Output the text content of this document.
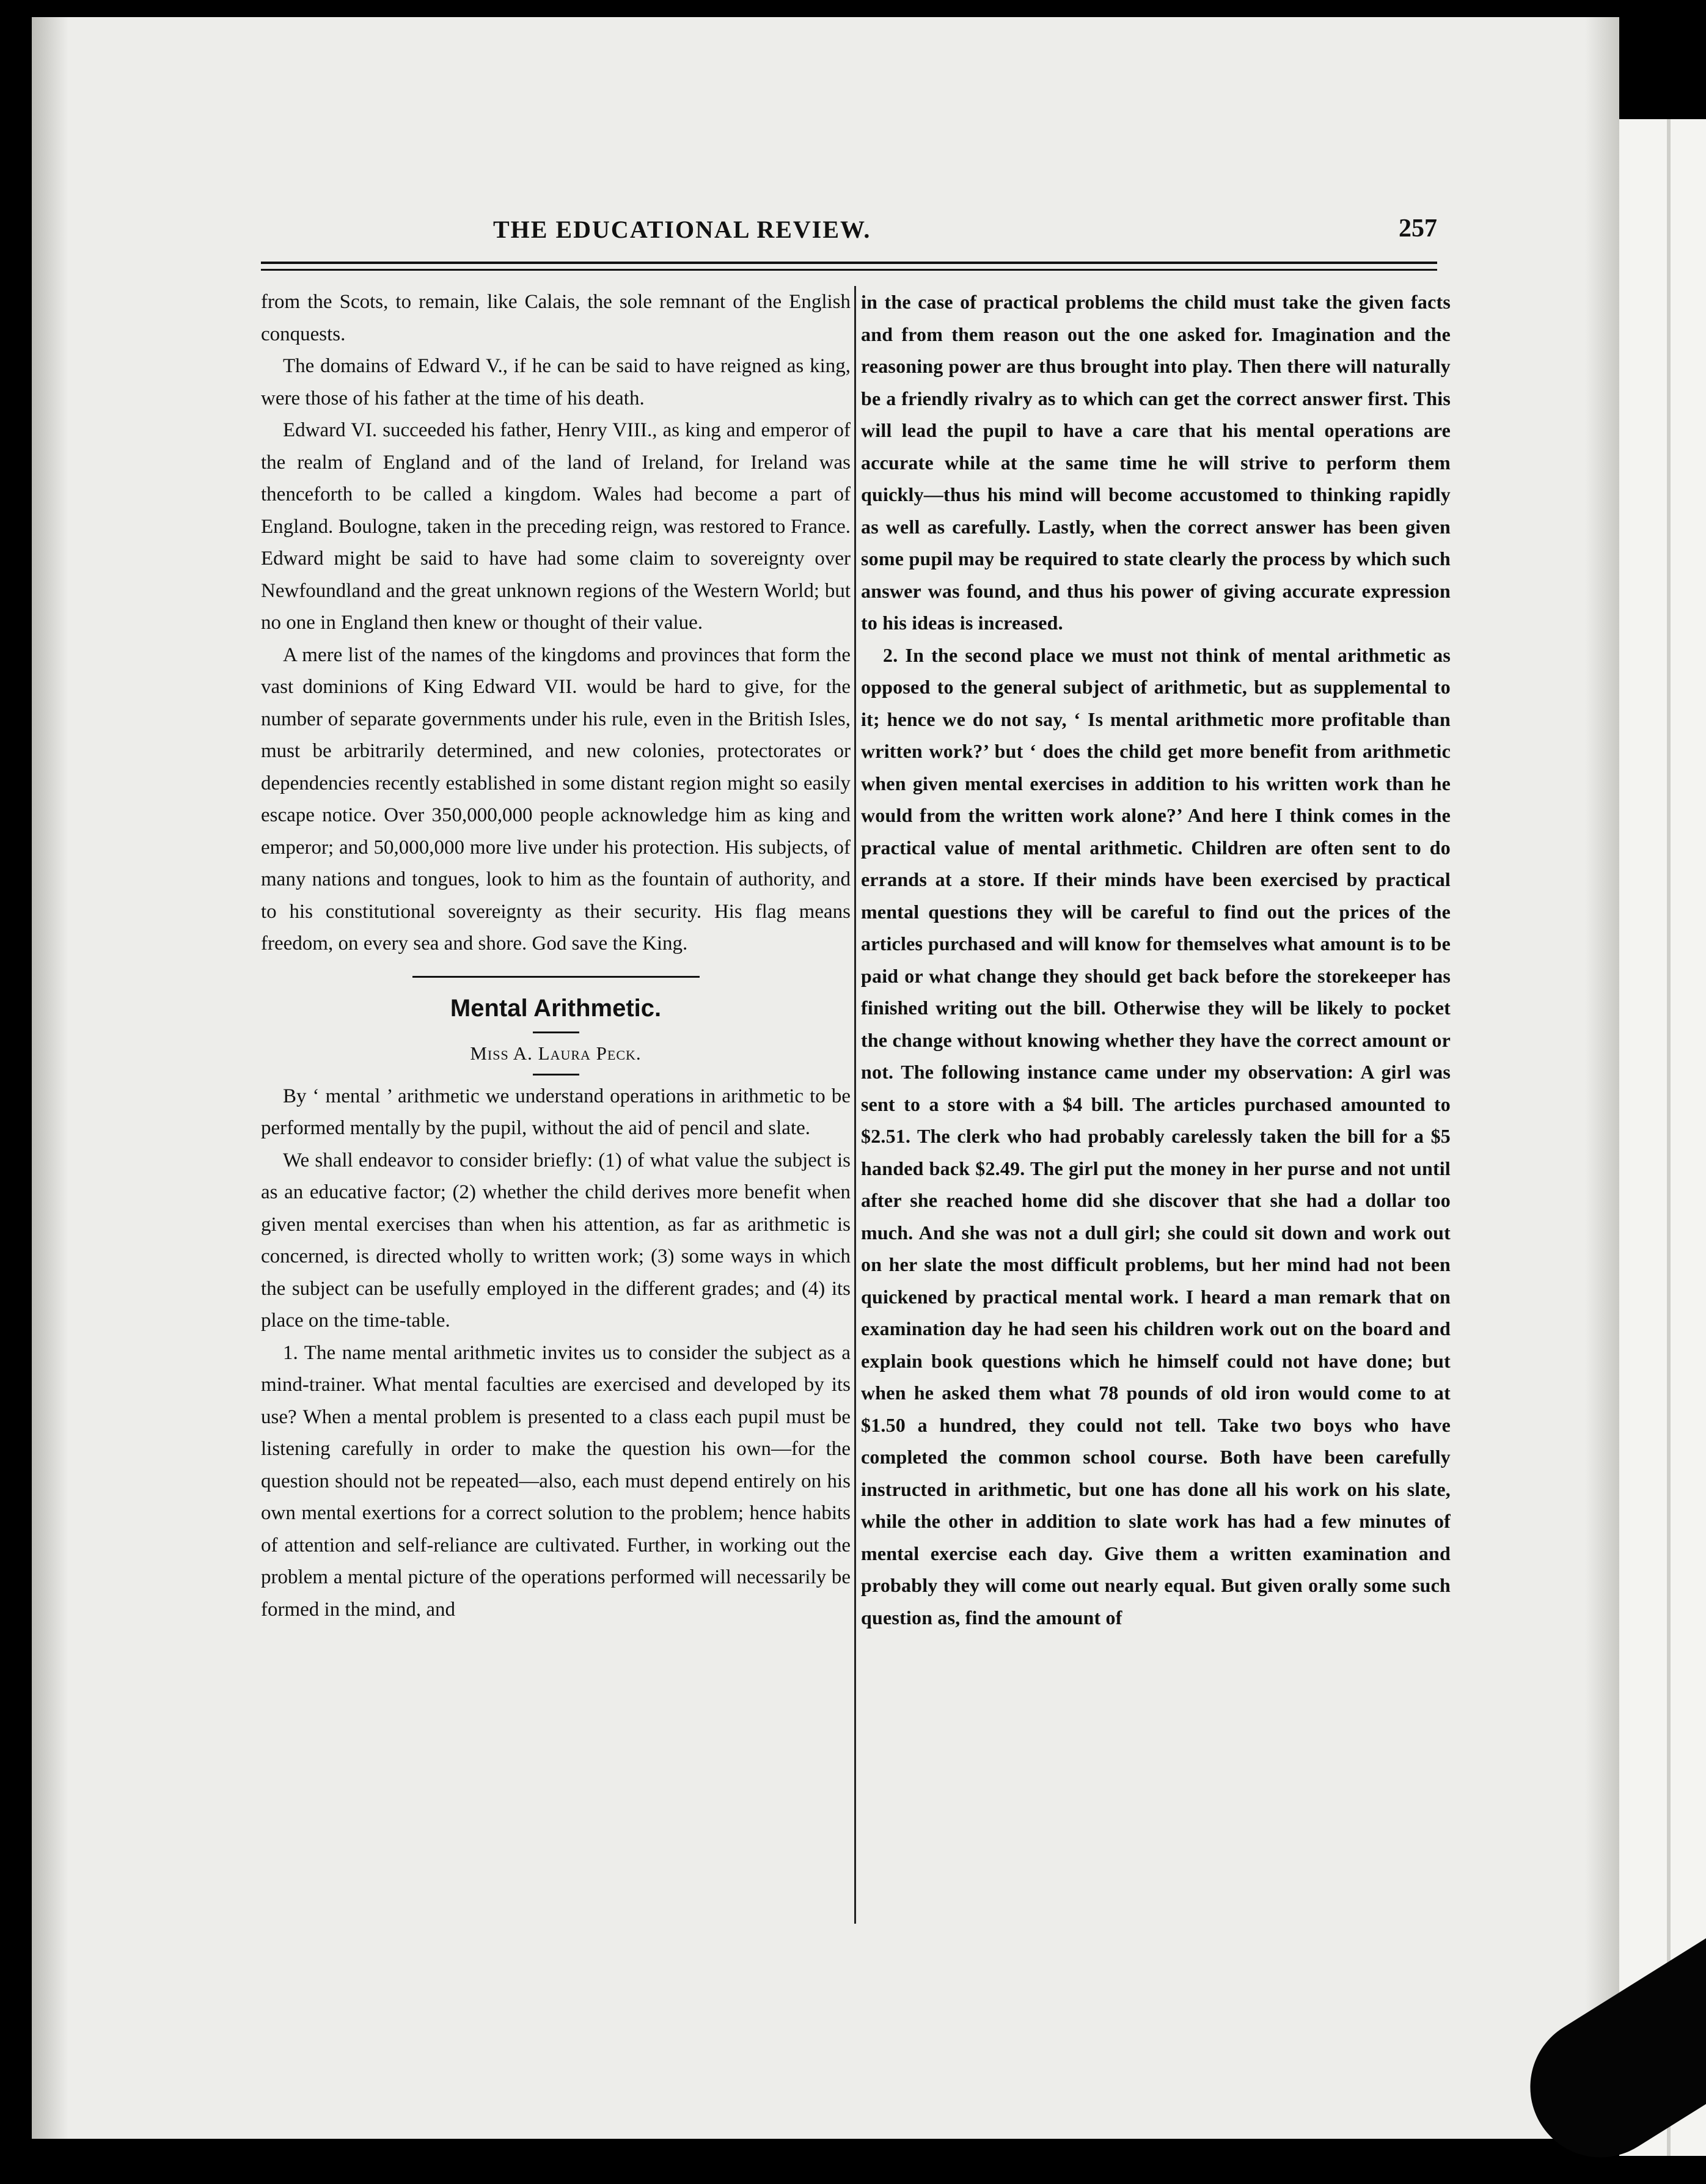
THE EDUCATIONAL REVIEW.	257

from the Scots, to remain, like Calais, the sole remnant of the English conquests.

The domains of Edward V., if he can be said to have reigned as king, were those of his father at the time of his death.

Edward VI. succeeded his father, Henry VIII., as king and emperor of the realm of England and of the land of Ireland, for Ireland was thenceforth to be called a kingdom. Wales had become a part of England. Boulogne, taken in the preceding reign, was restored to France. Edward might be said to have had some claim to sovereignty over Newfoundland and the great unknown regions of the Western World; but no one in England then knew or thought of their value.

A mere list of the names of the kingdoms and provinces that form the vast dominions of King Edward VII. would be hard to give, for the number of separate governments under his rule, even in the British Isles, must be arbitrarily determined, and new colonies, protectorates or dependencies recently established in some distant region might so easily escape notice. Over 350,000,000 people acknowledge him as king and emperor; and 50,000,000 more live under his protection. His subjects, of many nations and tongues, look to him as the fountain of authority, and to his constitutional sovereignty as their security. His flag means freedom, on every sea and shore. God save the King.

Mental Arithmetic.

Miss A. Laura Peck.

By ‘ mental ’ arithmetic we understand operations in arithmetic to be performed mentally by the pupil, without the aid of pencil and slate.

We shall endeavor to consider briefly: (1) of what value the subject is as an educative factor; (2) whether the child derives more benefit when given mental exercises than when his attention, as far as arithmetic is concerned, is directed wholly to written work; (3) some ways in which the subject can be usefully employed in the different grades; and (4) its place on the time-table.

1. The name mental arithmetic invites us to consider the subject as a mind-trainer. What mental faculties are exercised and developed by its use? When a mental problem is presented to a class each pupil must be listening carefully in order to make the question his own—for the question should not be repeated—also, each must depend entirely on his own mental exertions for a correct solution to the problem; hence habits of attention and self-reliance are cultivated. Further, in working out the problem a mental picture of the operations performed will necessarily be formed in the mind, and

in the case of practical problems the child must take the given facts and from them reason out the one asked for. Imagination and the reasoning power are thus brought into play. Then there will naturally be a friendly rivalry as to which can get the correct answer first. This will lead the pupil to have a care that his mental operations are accurate while at the same time he will strive to perform them quickly—thus his mind will become accustomed to thinking rapidly as well as carefully. Lastly, when the correct answer has been given some pupil may be required to state clearly the process by which such answer was found, and thus his power of giving accurate expression to his ideas is increased.

2. In the second place we must not think of mental arithmetic as opposed to the general subject of arithmetic, but as supplemental to it; hence we do not say, ‘ Is mental arithmetic more profitable than written work?’ but ‘ does the child get more benefit from arithmetic when given mental exercises in addition to his written work than he would from the written work alone?’ And here I think comes in the practical value of mental arithmetic. Children are often sent to do errands at a store. If their minds have been exercised by practical mental questions they will be careful to find out the prices of the articles purchased and will know for themselves what amount is to be paid or what change they should get back before the storekeeper has finished writing out the bill. Otherwise they will be likely to pocket the change without knowing whether they have the correct amount or not. The following instance came under my observation: A girl was sent to a store with a $4 bill. The articles purchased amounted to $2.51. The clerk who had probably carelessly taken the bill for a $5 handed back $2.49. The girl put the money in her purse and not until after she reached home did she discover that she had a dollar too much. And she was not a dull girl; she could sit down and work out on her slate the most difficult problems, but her mind had not been quickened by practical mental work. I heard a man remark that on examination day he had seen his children work out on the board and explain book questions which he himself could not have done; but when he asked them what 78 pounds of old iron would come to at $1.50 a hundred, they could not tell. Take two boys who have completed the common school course. Both have been carefully instructed in arithmetic, but one has done all his work on his slate, while the other in addition to slate work has had a few minutes of mental exercise each day. Give them a written examination and probably they will come out nearly equal. But given orally some such question as, find the amount of
